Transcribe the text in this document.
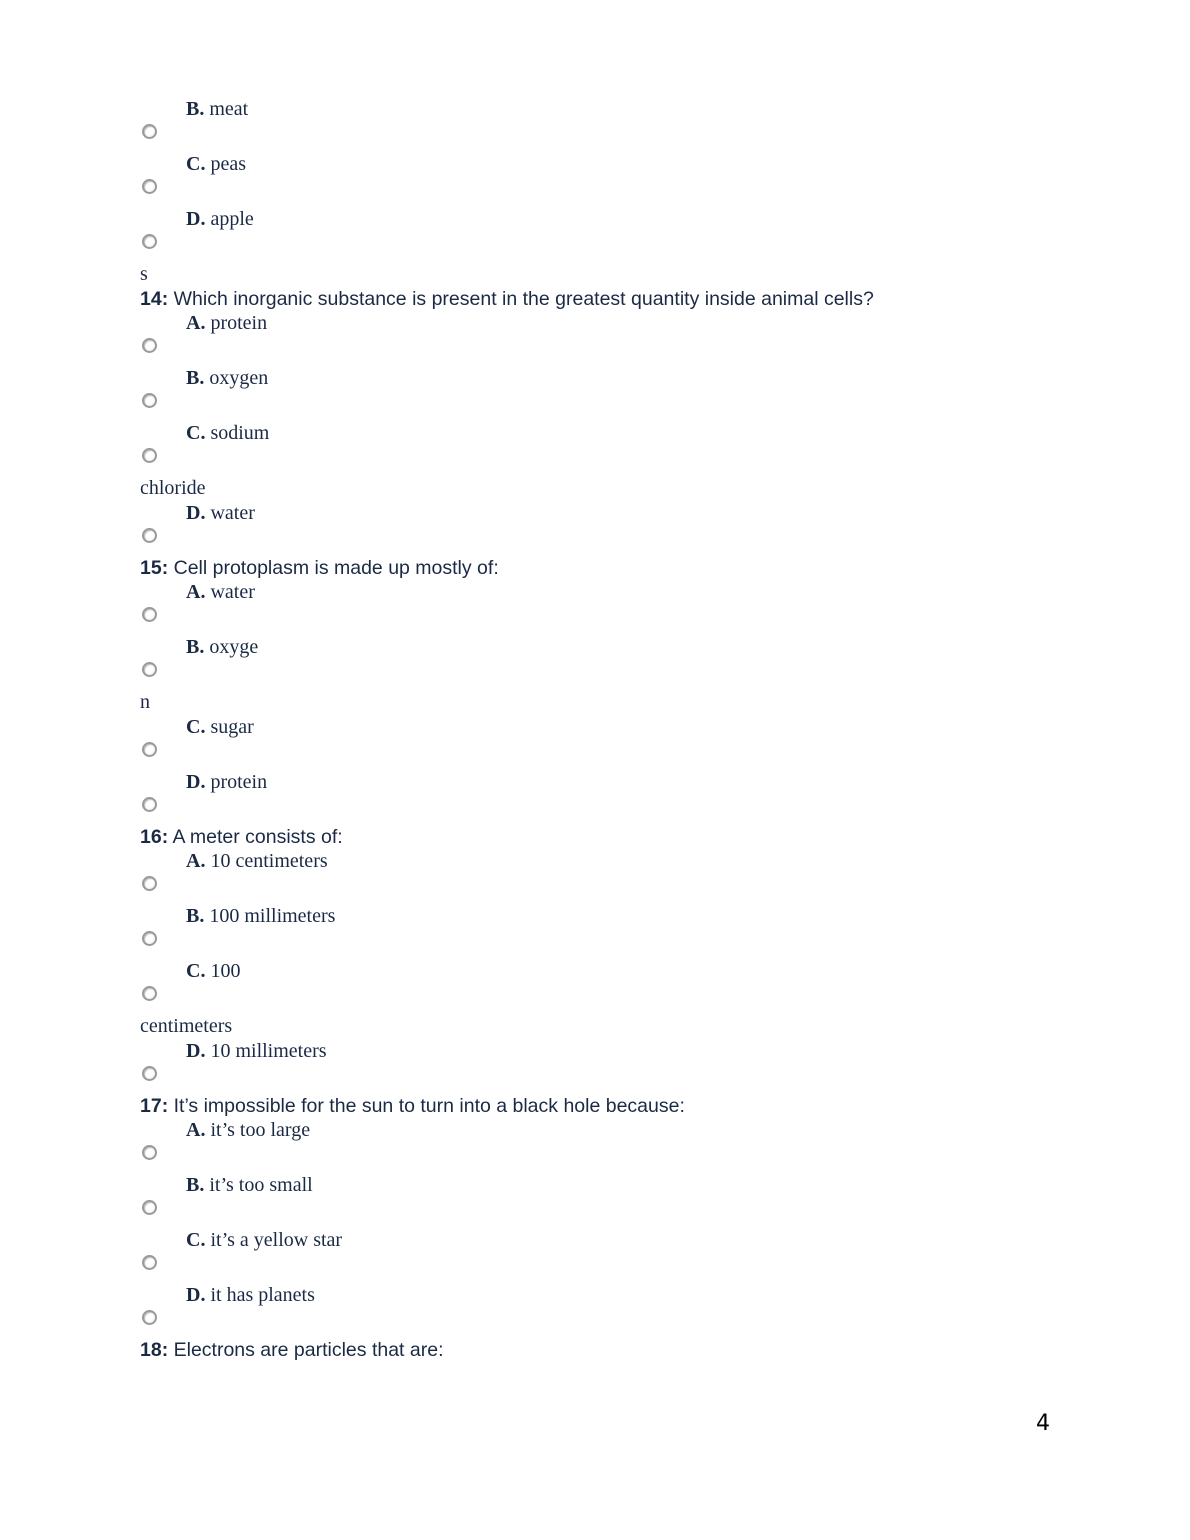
B. meat
C. peas
D. apple
s
14: Which inorganic substance is present in the greatest quantity inside animal cells?
A. protein
B. oxygen
C. sodium
chloride
D. water
15: Cell protoplasm is made up mostly of:
A. water
B. oxyge
n
C. sugar
D. protein
16: A meter consists of:
A. 10 centimeters
B. 100 millimeters
C. 100
centimeters
D. 10 millimeters
17: It’s impossible for the sun to turn into a black hole because:
A. it’s too large
B. it’s too small
C. it’s a yellow star
D. it has planets
18: Electrons are particles that are:
4
